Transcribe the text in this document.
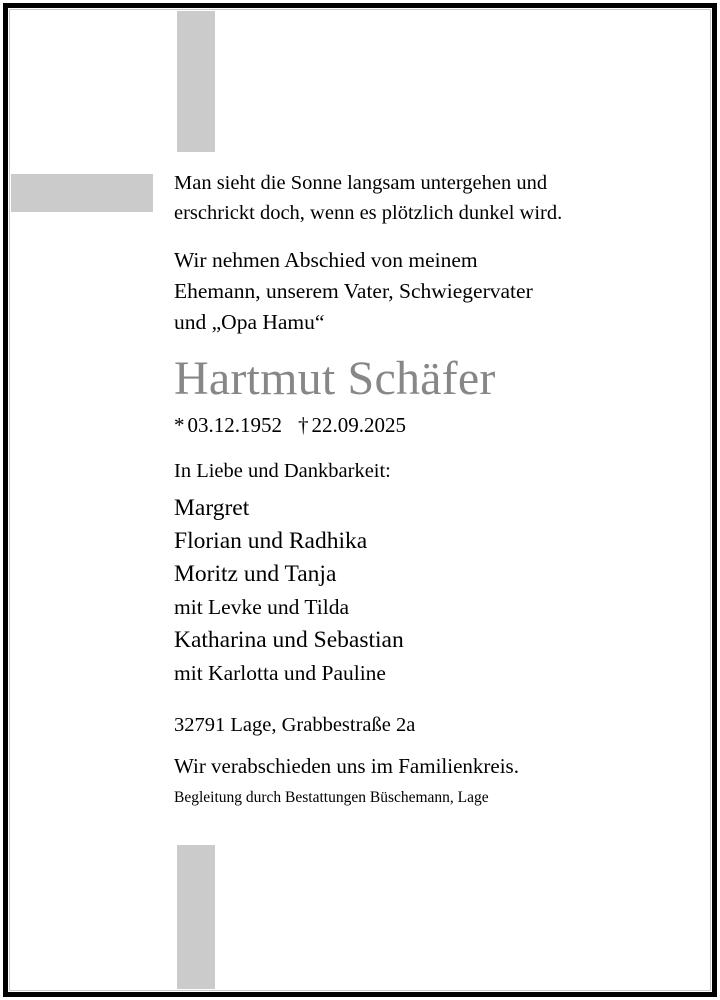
Man sieht die Sonne langsam untergehen und
erschrickt doch, wenn es plötzlich dunkel wird.
Wir nehmen Abschied von meinem
Ehemann, unserem Vater, Schwiegervater
und „Opa Hamu“
Hartmut Schäfer
* 03.12.1952 † 22.09.2025
In Liebe und Dankbarkeit:
Margret
Florian und Radhika
Moritz und Tanja
mit Levke und Tilda
Katharina und Sebastian
mit Karlotta und Pauline
32791 Lage, Grabbestraße 2a
Wir verabschieden uns im Familienkreis.
Begleitung durch Bestattungen Büschemann, Lage
